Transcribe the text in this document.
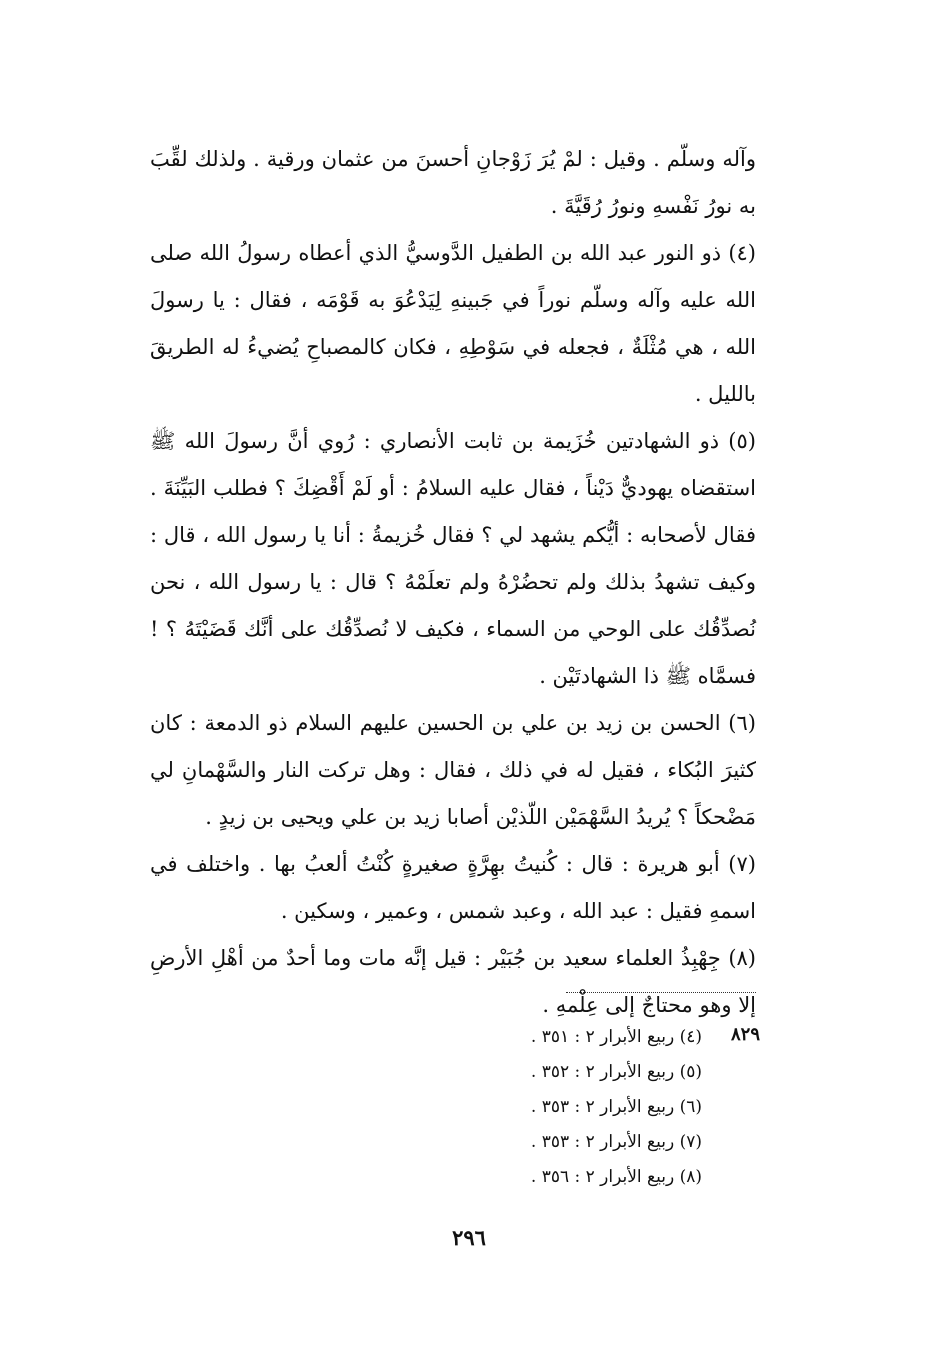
وآله وسلّم . وقيل : لمْ يُرَ زَوْجانِ أحسنَ من عثمان ورقية . ولذلك لقِّبَ به نورُ نَفْسهِ ونورُ رُقَيَّةَ .

(٤) ذو النور عبد الله بن الطفيل الدَّوسيُّ الذي أعطاه رسولُ الله صلى الله عليه وآله وسلّم نوراً في جَبينهِ لِيَدْعُوَ به قَوْمَه ، فقال : يا رسولَ الله ، هي مُثْلَةٌ ، فجعله في سَوْطِهِ ، فكان كالمصباحِ يُضيءُ له الطريقَ بالليل .

(٥) ذو الشهادتين خُزَيمة بن ثابت الأنصاري : رُوي أنَّ رسولَ الله ﷺ استقضاه يهوديٌّ دَيْناً ، فقال عليه السلامُ : أو لَمْ أَقْضِكَ ؟ فطلب البَيِّنَةَ . فقال لأصحابه : أيُّكم يشهد لي ؟ فقال خُزيمةُ : أنا يا رسول الله ، قال : وكيف تشهدُ بذلك ولم تحضُرْهُ ولم تعلَمْهُ ؟ قال : يا رسول الله ، نحن نُصدِّقُك على الوحي من السماء ، فكيف لا نُصدِّقُك على أنَّك قَضَيْتَهُ ؟ ! فسمَّاه ﷺ ذا الشهادتَيْن .

(٦) الحسن بن زيد بن علي بن الحسين عليهم السلام ذو الدمعة : كان كثيرَ البُكاء ، فقيل له في ذلك ، فقال : وهل تركت النار والسَّهْمانِ لي مَضْحكاً ؟ يُريدُ السَّهْمَيْن اللّذيْن أصابا زيد بن علي ويحيى بن زيدٍ .

(٧) أبو هريرة : قال : كُنيتُ بهِرَّةٍ صغيرةٍ كُنْتُ ألعبُ بها . واختلف في اسمهِ فقيل : عبد الله ، وعبد شمس ، وعمير ، وسكين .

(٨) جِهْبِذُ العلماء سعيد بن جُبَيْر : قيل إنَّه مات وما أحدٌ من أهْلِ الأرضِ إلا وهو محتاجٌ إلى عِلْمهِ .

٨٢٩

(٤) ربيع الأبرار ٢ : ٣٥١ .

(٥) ربيع الأبرار ٢ : ٣٥٢ .

(٦) ربيع الأبرار ٢ : ٣٥٣ .

(٧) ربيع الأبرار ٢ : ٣٥٣ .

(٨) ربيع الأبرار ٢ : ٣٥٦ .

٢٩٦
